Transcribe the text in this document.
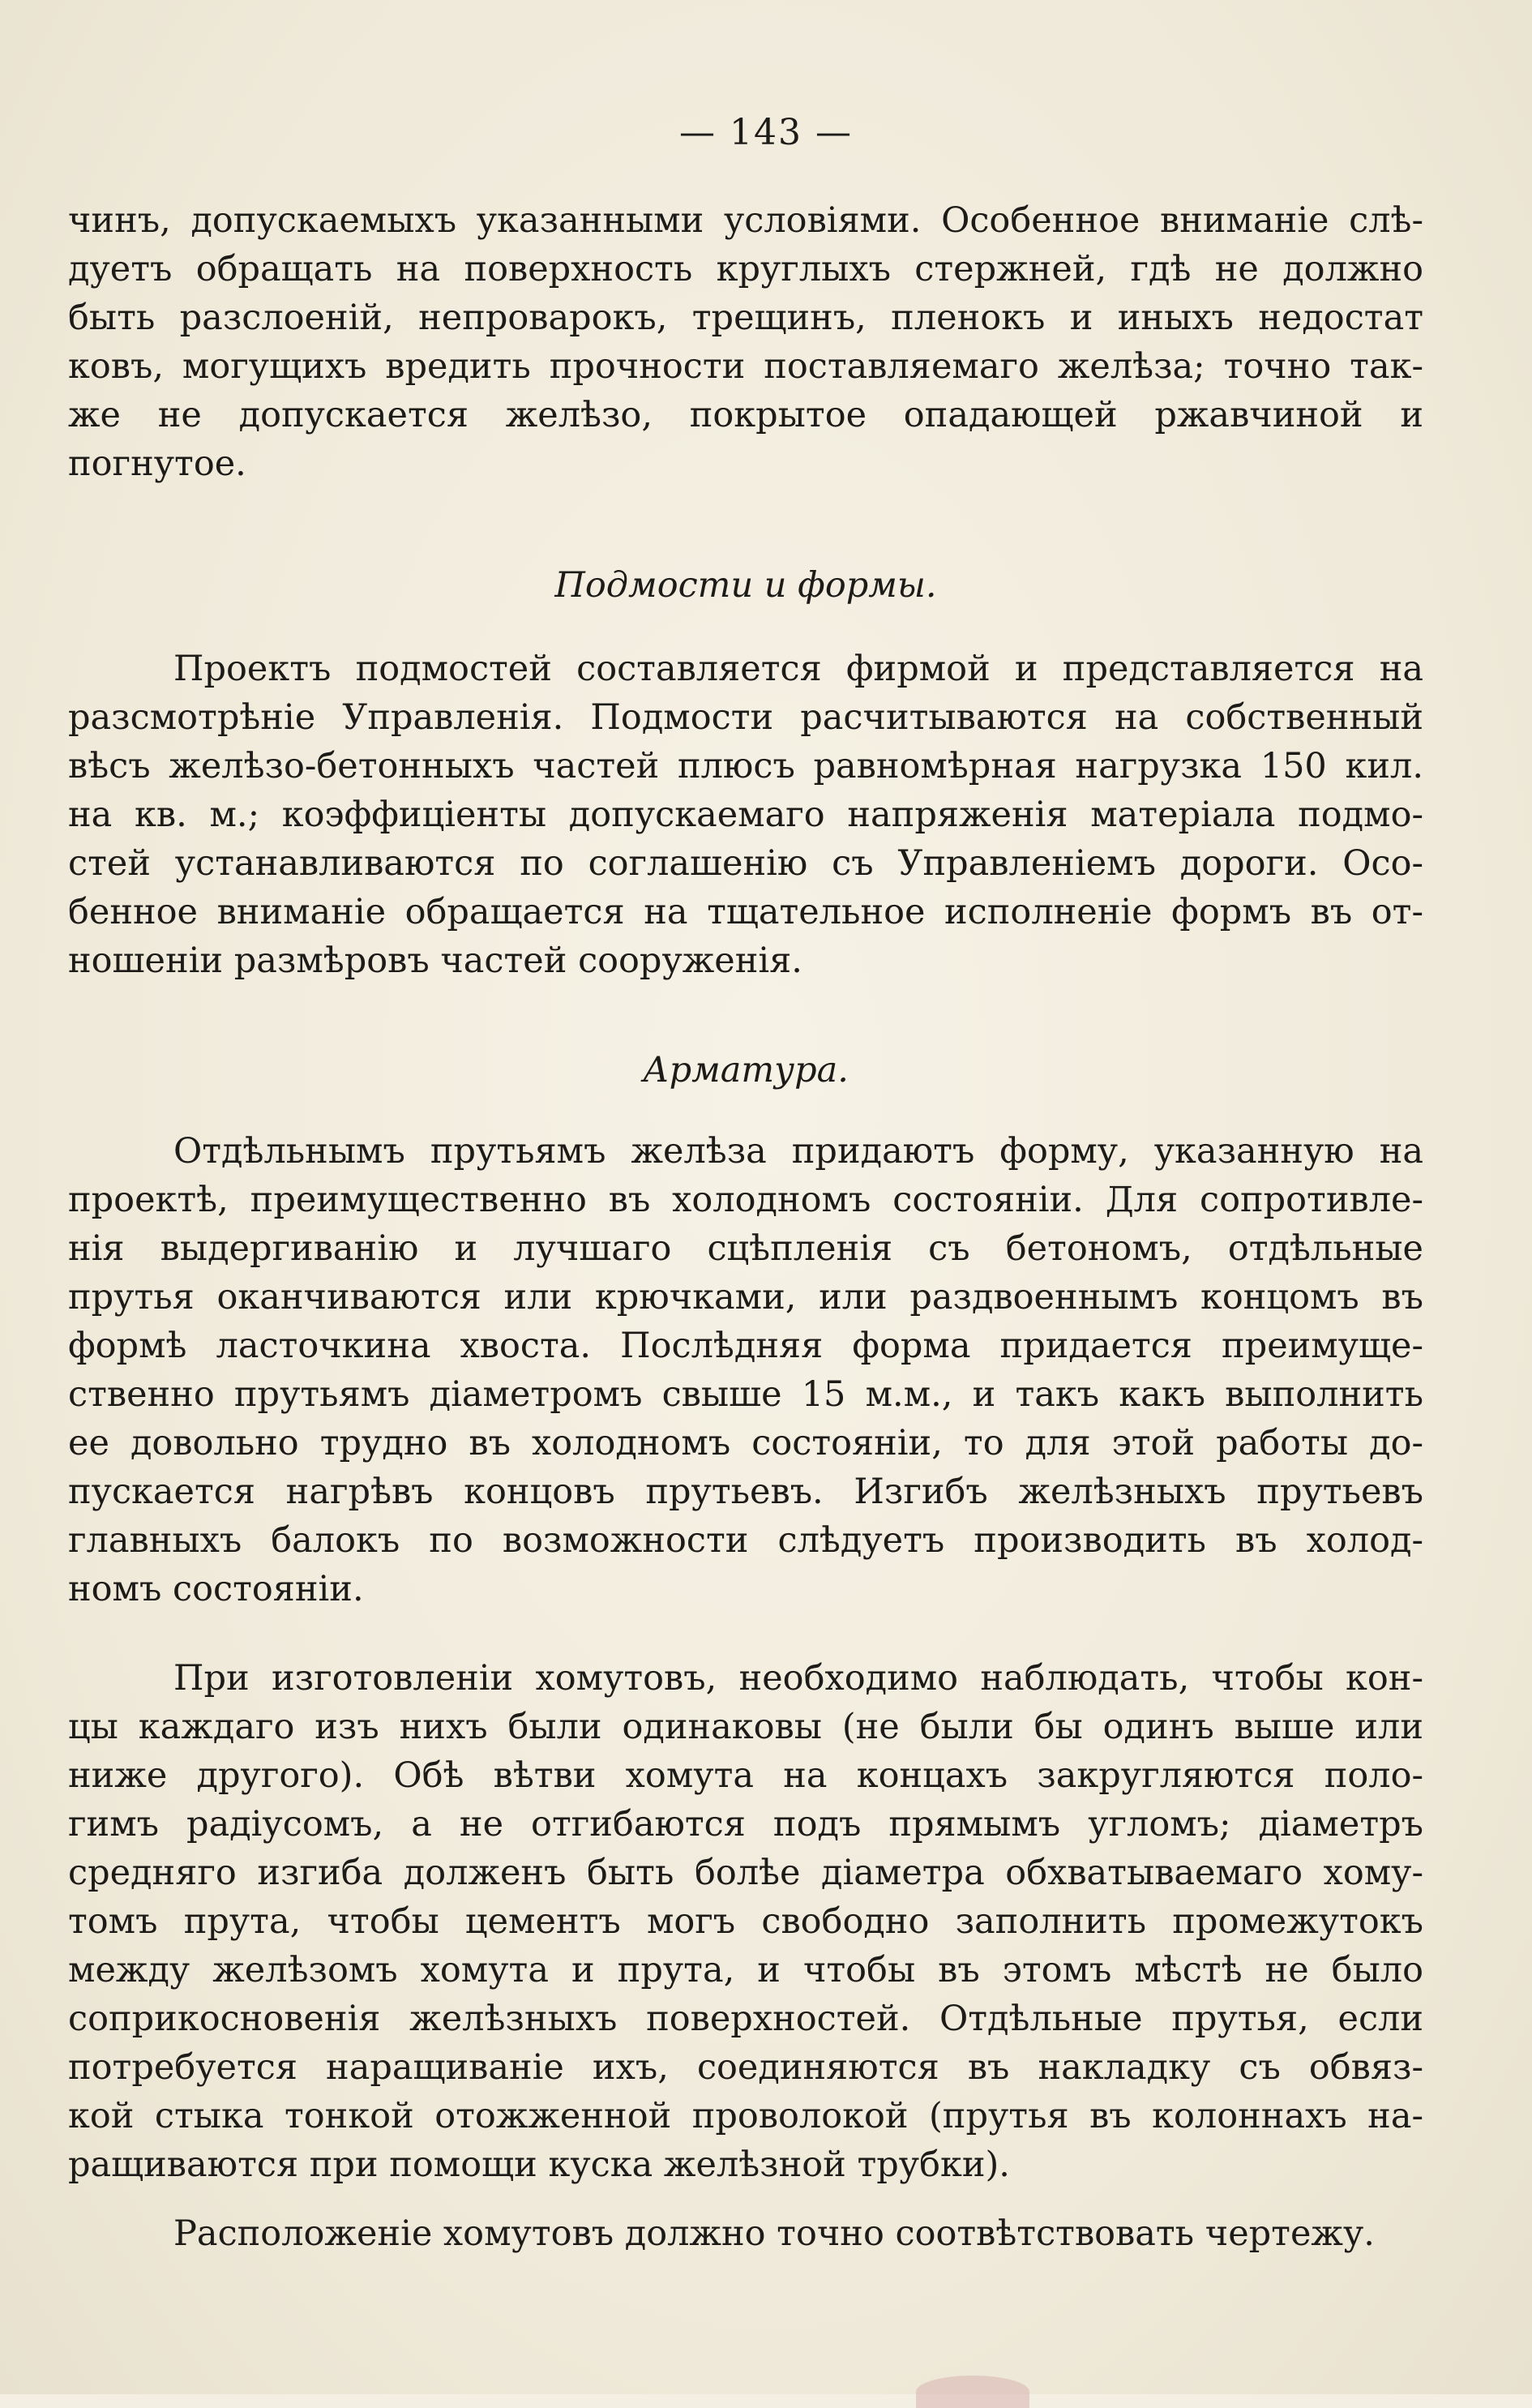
— 143 —
чинъ, допускаемыхъ указанными условіями. Особенное вниманіе слѣ-
дуетъ обращать на поверхность круглыхъ стержней, гдѣ не должно
быть разслоеній, непроварокъ, трещинъ, пленокъ и иныхъ недостат
ковъ, могущихъ вредить прочности поставляемаго желѣза; точно так-
же не допускается желѣзо, покрытое опадающей ржавчиной и
погнутое.
Подмости и формы.
Проектъ подмостей составляется фирмой и представляется на
разсмотрѣніе Управленія. Подмости расчитываются на собственный
вѣсъ желѣзо-бетонныхъ частей плюсъ равномѣрная нагрузка 150 кил.
на кв. м.; коэффиціенты допускаемаго напряженія матеріала подмо-
стей устанавливаются по соглашенію съ Управленіемъ дороги. Осо-
бенное вниманіе обращается на тщательное исполненіе формъ въ от-
ношеніи размѣровъ частей сооруженія.
Арматура.
Отдѣльнымъ прутьямъ желѣза придаютъ форму, указанную на
проектѣ, преимущественно въ холодномъ состояніи. Для сопротивле-
нія выдергиванію и лучшаго сцѣпленія съ бетономъ, отдѣльные
прутья оканчиваются или крючками, или раздвоеннымъ концомъ въ
формѣ ласточкина хвоста. Послѣдняя форма придается преимуще-
ственно прутьямъ діаметромъ свыше 15 м.м., и такъ какъ выполнить
ее довольно трудно въ холодномъ состояніи, то для этой работы до-
пускается нагрѣвъ концовъ прутьевъ. Изгибъ желѣзныхъ прутьевъ
главныхъ балокъ по возможности слѣдуетъ производить въ холод-
номъ состояніи.
При изготовленіи хомутовъ, необходимо наблюдать, чтобы кон-
цы каждаго изъ нихъ были одинаковы (не были бы одинъ выше или
ниже другого). Обѣ вѣтви хомута на концахъ закругляются поло-
гимъ радіусомъ, а не отгибаются подъ прямымъ угломъ; діаметръ
средняго изгиба долженъ быть болѣе діаметра обхватываемаго хому-
томъ прута, чтобы цементъ могъ свободно заполнить промежутокъ
между желѣзомъ хомута и прута, и чтобы въ этомъ мѣстѣ не было
соприкосновенія желѣзныхъ поверхностей. Отдѣльные прутья, если
потребуется наращиваніе ихъ, соединяются въ накладку съ обвяз-
кой стыка тонкой отожженной проволокой (прутья въ колоннахъ на-
ращиваются при помощи куска желѣзной трубки).
Расположеніе хомутовъ должно точно соотвѣтствовать чертежу.
